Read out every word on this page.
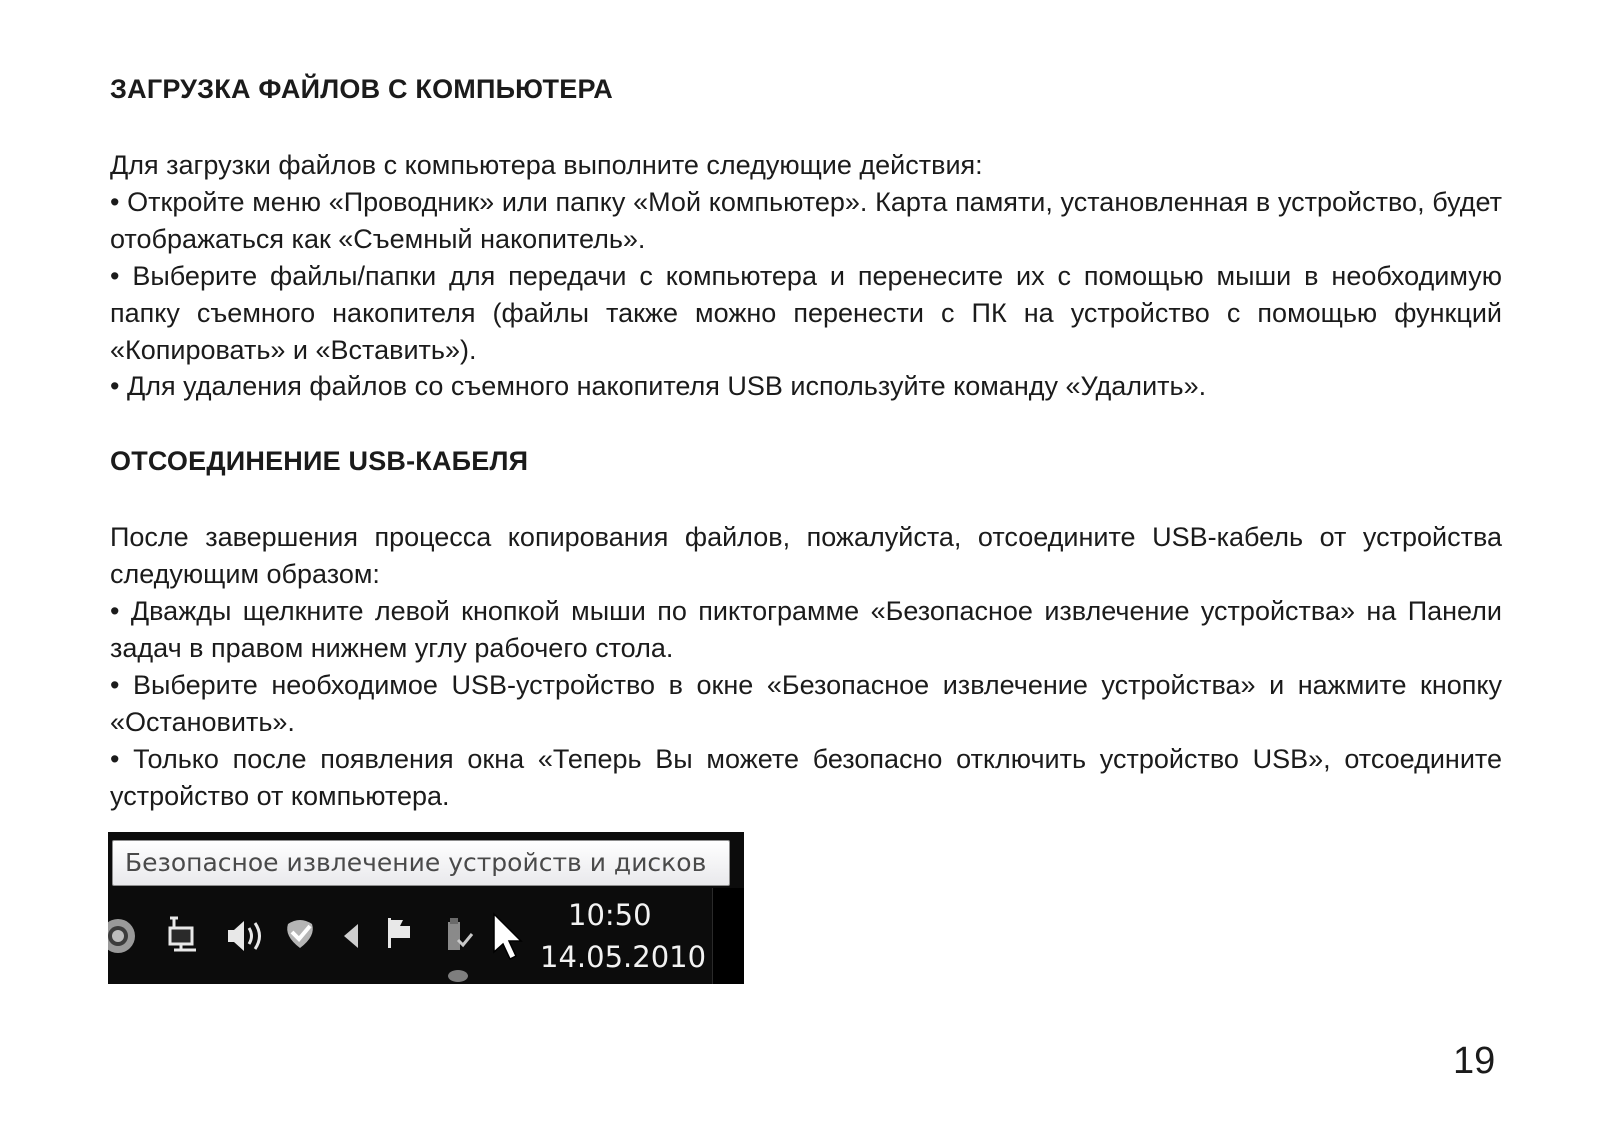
ЗАГРУЗКА ФАЙЛОВ С КОМПЬЮТЕРА
Для загрузки файлов с компьютера выполните следующие действия:
• Откройте меню «Проводник» или папку «Мой компьютер». Карта памяти, установленная в устройство, будет отображаться как «Съемный накопитель».
• Выберите файлы/папки для передачи с компьютера и перенесите их с помощью мыши в необходимую папку съемного накопителя (файлы также можно перенести с ПК на устройство с помощью функций «Копировать» и «Вставить»).
• Для удаления файлов со съемного накопителя USB используйте команду «Удалить».
ОТСОЕДИНЕНИЕ USB-КАБЕЛЯ
После завершения процесса копирования файлов, пожалуйста, отсоедините USB-кабель от устройства следующим образом:
• Дважды щелкните левой кнопкой мыши по пиктограмме «Безопасное извлечение устройства» на Панели задач в правом нижнем углу рабочего стола.
• Выберите необходимое USB-устройство в окне «Безопасное извлечение устройства» и нажмите кнопку «Остановить».
• Только после появления окна «Теперь Вы можете безопасно отключить устройство USB», отсоедините устройство от компьютера.
Безопасное извлечение устройств и дисков
10:50
14.05.2010
19
